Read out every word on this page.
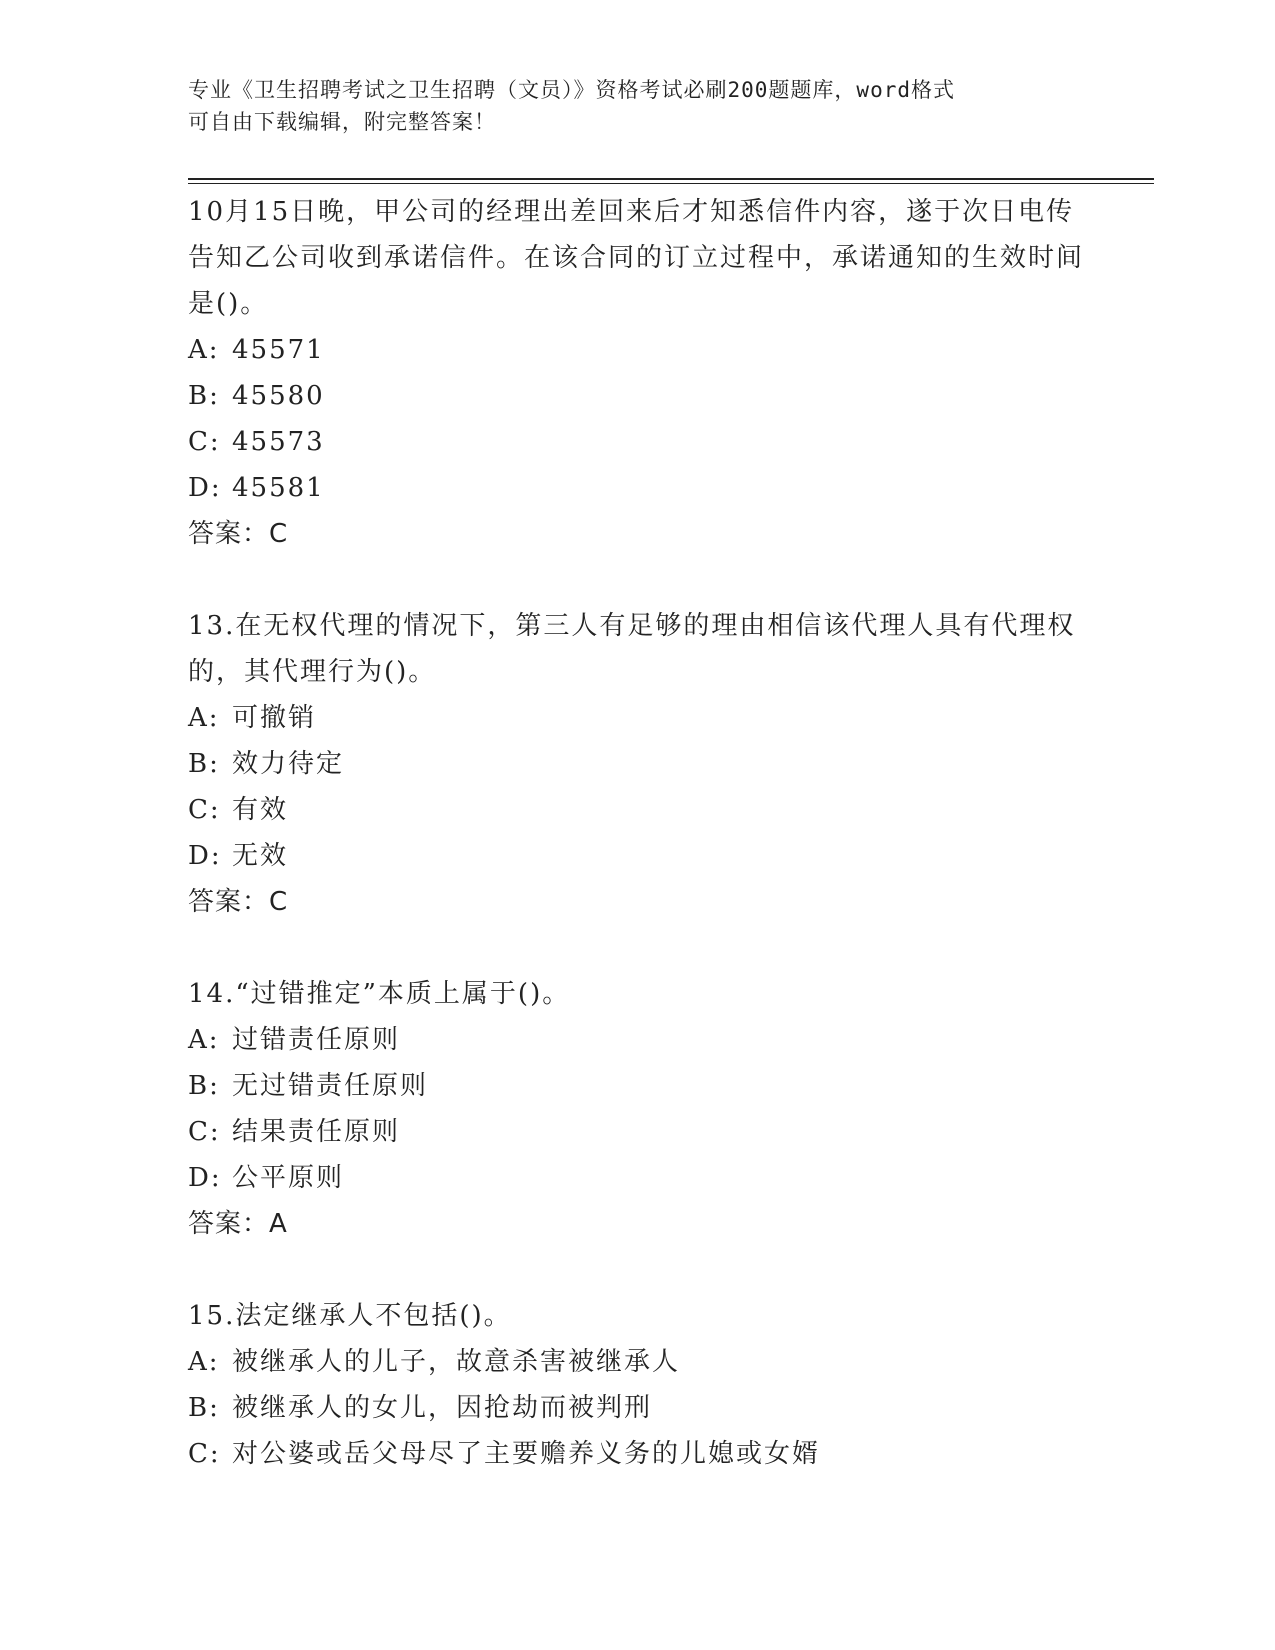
专业《卫生招聘考试之卫生招聘（文员）》资格考试必刷200题题库，word格式
可自由下载编辑，附完整答案！
10月15日晚，甲公司的经理出差回来后才知悉信件内容，遂于次日电传告知乙公司收到承诺信件。在该合同的订立过程中，承诺通知的生效时间是()。
A: 45571
B: 45580
C: 45573
D: 45581
答案：C
13.在无权代理的情况下，第三人有足够的理由相信该代理人具有代理权的，其代理行为()。
A: 可撤销
B: 效力待定
C: 有效
D: 无效
答案：C
14.“过错推定”本质上属于()。
A: 过错责任原则
B: 无过错责任原则
C: 结果责任原则
D: 公平原则
答案：A
15.法定继承人不包括()。
A: 被继承人的儿子，故意杀害被继承人
B: 被继承人的女儿，因抢劫而被判刑
C: 对公婆或岳父母尽了主要赡养义务的儿媳或女婿
